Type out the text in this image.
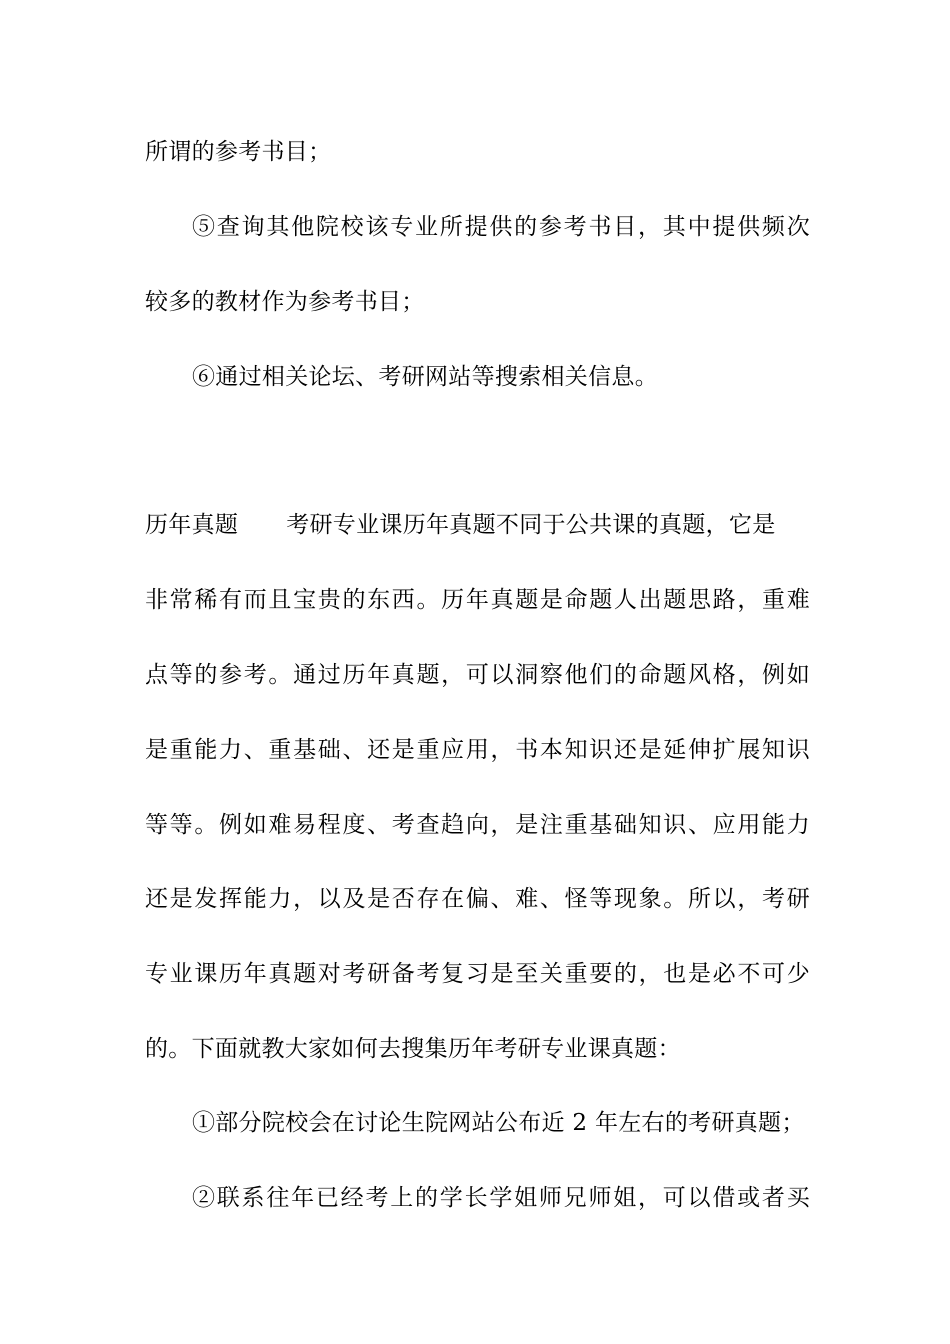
所谓的参考书目；
⑤查询其他院校该专业所提供的参考书目，其中提供频次
较多的教材作为参考书目；
⑥通过相关论坛、考研网站等搜索相关信息。
历年真题 考研专业课历年真题不同于公共课的真题，它是
非常稀有而且宝贵的东西。历年真题是命题人出题思路，重难
点等的参考。通过历年真题，可以洞察他们的命题风格，例如
是重能力、重基础、还是重应用，书本知识还是延伸扩展知识
等等。例如难易程度、考查趋向，是注重基础知识、应用能力
还是发挥能力，以及是否存在偏、难、怪等现象。所以，考研
专业课历年真题对考研备考复习是至关重要的，也是必不可少
的。下面就教大家如何去搜集历年考研专业课真题：
①部分院校会在讨论生院网站公布近 2 年左右的考研真题；
②联系往年已经考上的学长学姐师兄师姐，可以借或者买
